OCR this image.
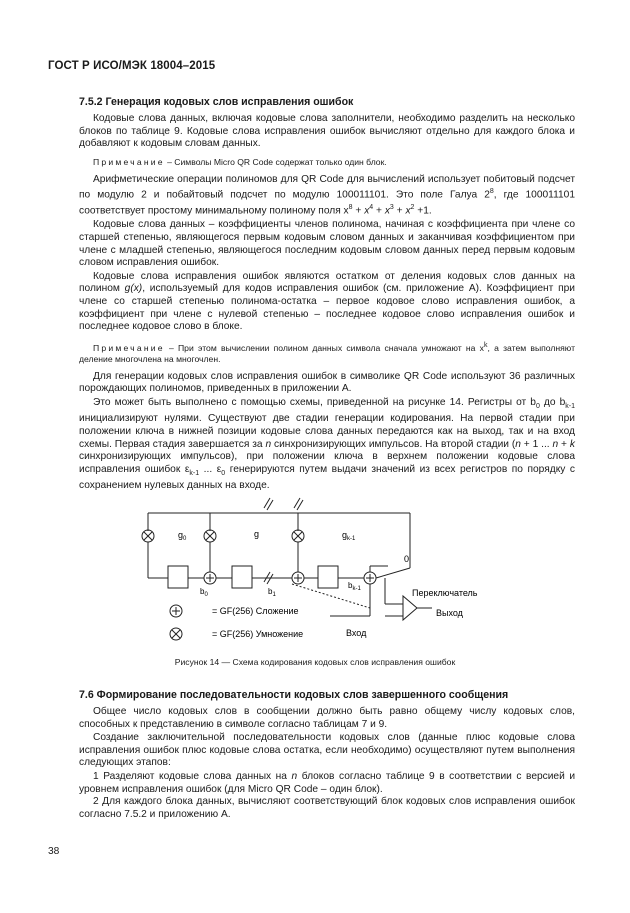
ГОСТ Р ИСО/МЭК 18004–2015
7.5.2 Генерация кодовых слов исправления ошибок

Кодовые слова данных, включая кодовые слова заполнители, необходимо разделить на несколько блоков по таблице 9. Кодовые слова исправления ошибок вычисляют отдельно для каждого блока и добавляют к кодовым словам данных.

Примечание – Символы Micro QR Code содержат только один блок.

Арифметические операции полиномов для QR Code для вычислений использует побитовый подсчет по модулю 2 и побайтовый подсчет по модулю 100011101. Это поле Галуа $2^8$, где 100011101 соответствует простому минимальному полиному поля $x^8 + x^4 + x^3 + x^2 +1$.

Кодовые слова данных – коэффициенты членов полинома, начиная с коэффициента при члене со старшей степенью, являющегося первым кодовым словом данных и заканчивая коэффициентом при члене с младшей степенью, являющегося последним кодовым словом данных перед первым кодовым словом исправления ошибок.

Кодовые слова исправления ошибок являются остатком от деления кодовых слов данных на полином g(x), используемый для кодов исправления ошибок (см. приложение А). Коэффициент при члене со старшей степенью полинома-остатка – первое кодовое слово исправления ошибок, а коэффициент при члене с нулевой степенью – последнее кодовое слово исправления ошибок и последнее кодовое слово в блоке.

Примечание – При этом вычислении полином данных символа сначала умножают на $x^k$, а затем выполняют деление многочлена на многочлен.

Для генерации кодовых слов исправления ошибок в символике QR Code используют 36 различных порождающих полиномов, приведенных в приложении А.

Это может быть выполнено с помощью схемы, приведенной на рисунке 14. Регистры от $b_0$ до $b_{k-1}$ инициализируют нулями. Существуют две стадии генерации кодирования. На первой стадии при положении ключа в нижней позиции кодовые слова данных передаются как на выход, так и на вход схемы. Первая стадия завершается за n синхронизирующих импульсов. На второй стадии (n + 1 ... n + k синхронизирующих импульсов), при положении ключа в верхнем положении кодовые слова исправления ошибок $\varepsilon_{k-1}$ ... $\varepsilon_0$ генерируются путем выдачи значений из всех регистров по порядку с сохранением нулевых данных на входе.

$g_0$	g	$g_{k-1}$
$b_0$	$b_1$
$b_{k-1}$
0
Переключатель
Выход
Вход
= GF(256) Сложение
= GF(256) Умножение
Рисунок 14 — Схема кодирования кодовых слов исправления ошибок
7.6 Формирование последовательности кодовых слов завершенного сообщения

Общее число кодовых слов в сообщении должно быть равно общему числу кодовых слов, способных к представлению в символе согласно таблицам 7 и 9.

Создание заключительной последовательности кодовых слов (данные плюс кодовые слова исправления ошибок плюс кодовые слова остатка, если необходимо) осуществляют путем выполнения следующих этапов:

1 Разделяют кодовые слова данных на n блоков согласно таблице 9 в соответствии с версией и уровнем исправления ошибок (для Micro QR Code – один блок).

2 Для каждого блока данных, вычисляют соответствующий блок кодовых слов исправления ошибок согласно 7.5.2 и приложению А.

38
